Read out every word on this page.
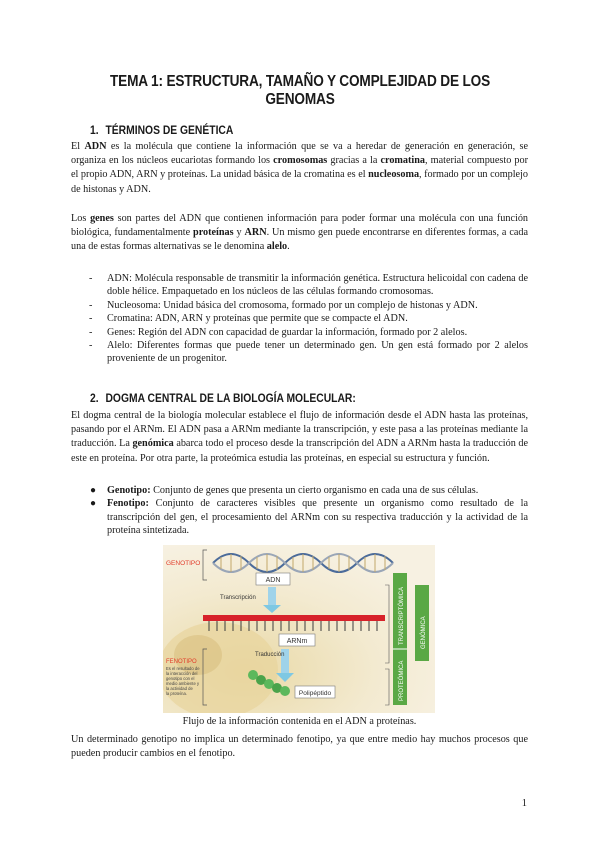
TEMA 1: ESTRUCTURA, TAMAÑO Y COMPLEJIDAD DE LOS GENOMAS
1. TÉRMINOS DE GENÉTICA
El ADN es la molécula que contiene la información que se va a heredar de generación en generación, se organiza en los núcleos eucariotas formando los cromosomas gracias a la cromatina, material compuesto por el propio ADN, ARN y proteínas. La unidad básica de la cromatina es el nucleosoma, formado por un complejo de histonas y ADN.
Los genes son partes del ADN que contienen información para poder formar una molécula con una función biológica, fundamentalmente proteínas y ARN. Un mismo gen puede encontrarse en diferentes formas, a cada una de estas formas alternativas se le denomina alelo.
- ADN: Molécula responsable de transmitir la información genética. Estructura helicoidal con cadena de doble hélice. Empaquetado en los núcleos de las células formando cromosomas.
- Nucleosoma: Unidad básica del cromosoma, formado por un complejo de histonas y ADN.
- Cromatina: ADN, ARN y proteínas que permite que se compacte el ADN.
- Genes: Región del ADN con capacidad de guardar la información, formado por 2 alelos.
- Alelo: Diferentes formas que puede tener un determinado gen. Un gen está formado por 2 alelos proveniente de un progenitor.
2. DOGMA CENTRAL DE LA BIOLOGÍA MOLECULAR:
El dogma central de la biología molecular establece el flujo de información desde el ADN hasta las proteínas, pasando por el ARNm. El ADN pasa a ARNm mediante la transcripción, y este pasa a las proteínas mediante la traducción. La genómica abarca todo el proceso desde la transcripción del ADN a ARNm hasta la traducción de este en proteína. Por otra parte, la proteómica estudia las proteínas, en especial su estructura y función.
● Genotipo: Conjunto de genes que presenta un cierto organismo en cada una de sus células.
● Fenotipo: Conjunto de caracteres visibles que presente un organismo como resultado de la transcripción del gen, el procesamiento del ARNm con su respectiva traducción y la actividad de la proteína sintetizada.
GENOTIPO
ADN
Transcripción
ARNm
Traducción
Polipéptido
FENOTIPO
Es el resultado de
la interacción del
genotipo con el
medio ambiente y
la actividad de
la proteína.	PROTEÓMICA
TRANSCRIPTÓMICA	GENÓMICA
Flujo de la información contenida en el ADN a proteínas.
Un determinado genotipo no implica un determinado fenotipo, ya que entre medio hay muchos procesos que pueden producir cambios en el fenotipo.
1
